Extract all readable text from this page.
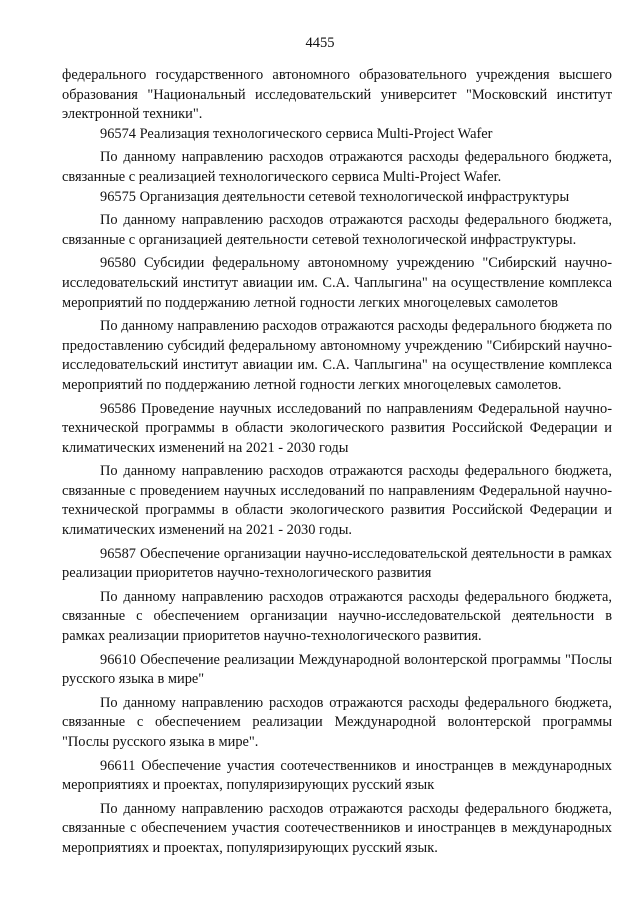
4455

федерального государственного автономного образовательного учреждения высшего образования "Национальный исследовательский университет "Московский институт электронной техники".

96574 Реализация технологического сервиса Multi-Project Wafer

По данному направлению расходов отражаются расходы федерального бюджета, связанные с реализацией технологического сервиса Multi-Project Wafer.

96575 Организация деятельности сетевой технологической инфраструктуры

По данному направлению расходов отражаются расходы федерального бюджета, связанные с организацией деятельности сетевой технологической инфраструктуры.

96580 Субсидии федеральному автономному учреждению "Сибирский научно-исследовательский институт авиации им. С.А. Чаплыгина" на осуществление комплекса мероприятий по поддержанию летной годности легких многоцелевых самолетов

По данному направлению расходов отражаются расходы федерального бюджета по предоставлению субсидий федеральному автономному учреждению "Сибирский научно-исследовательский институт авиации им. С.А. Чаплыгина" на осуществление комплекса мероприятий по поддержанию летной годности легких многоцелевых самолетов.

96586 Проведение научных исследований по направлениям Федеральной научно-технической программы в области экологического развития Российской Федерации и климатических изменений на 2021 - 2030 годы

По данному направлению расходов отражаются расходы федерального бюджета, связанные с проведением научных исследований по направлениям Федеральной научно-технической программы в области экологического развития Российской Федерации и климатических изменений на 2021 - 2030 годы.

96587 Обеспечение организации научно-исследовательской деятельности в рамках реализации приоритетов научно-технологического развития

По данному направлению расходов отражаются расходы федерального бюджета, связанные с обеспечением организации научно-исследовательской деятельности в рамках реализации приоритетов научно-технологического развития.

96610 Обеспечение реализации Международной волонтерской программы "Послы русского языка в мире"

По данному направлению расходов отражаются расходы федерального бюджета, связанные с обеспечением реализации Международной волонтерской программы "Послы русского языка в мире".

96611 Обеспечение участия соотечественников и иностранцев в международных мероприятиях и проектах, популяризирующих русский язык

По данному направлению расходов отражаются расходы федерального бюджета, связанные с обеспечением участия соотечественников и иностранцев в международных мероприятиях и проектах, популяризирующих русский язык.
